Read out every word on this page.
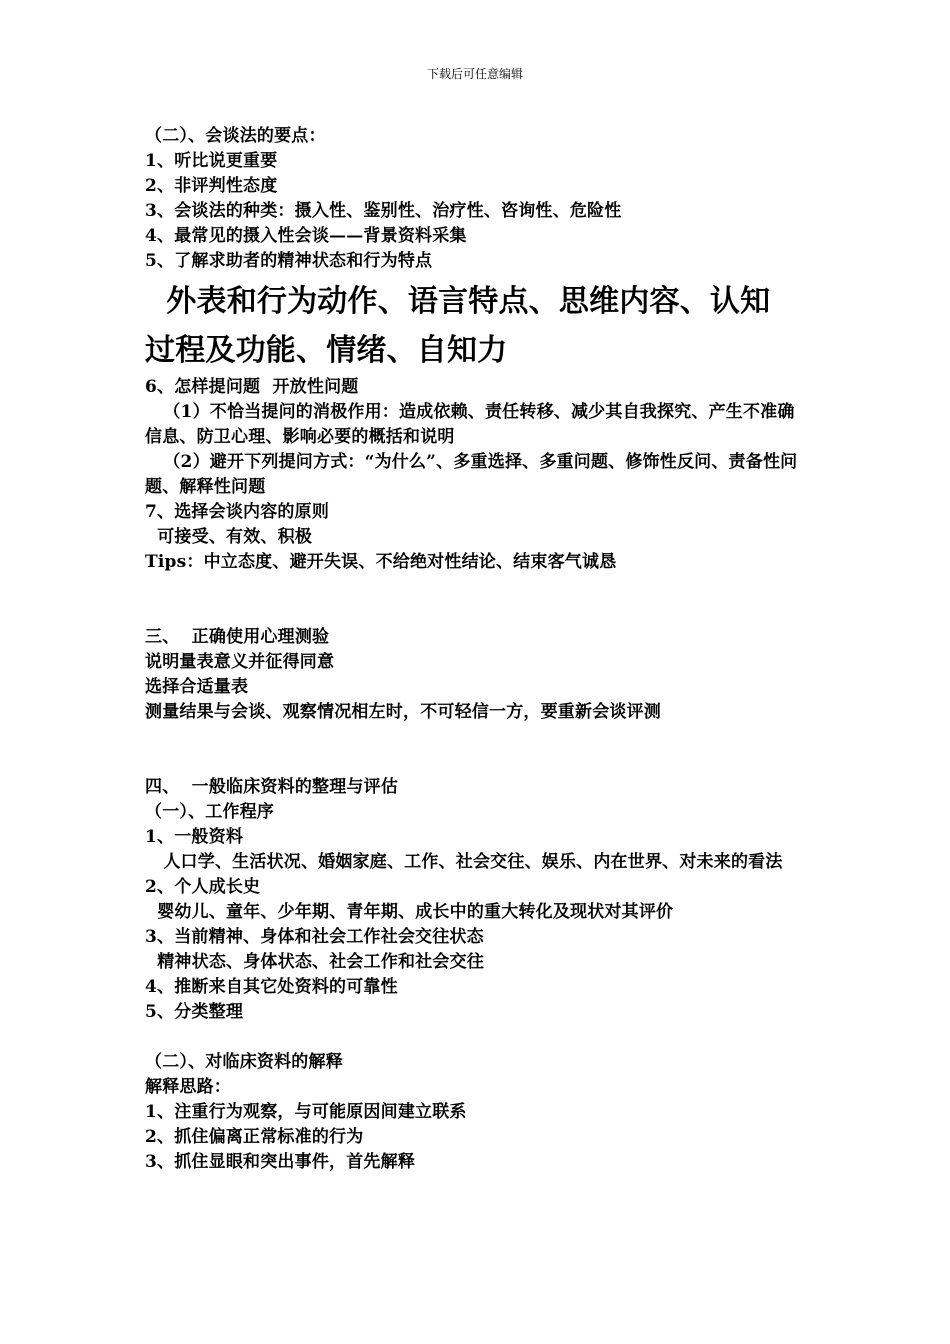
下载后可任意编辑
（二）、会谈法的要点：
1、听比说更重要
2、非评判性态度
3、会谈法的种类：摄入性、鉴别性、治疗性、咨询性、危险性
4、最常见的摄入性会谈——背景资料采集
5、了解求助者的精神状态和行为特点
外表和行为动作、语言特点、思维内容、认知
过程及功能、情绪、自知力
6、怎样提问题  开放性问题
（1）不恰当提问的消极作用：造成依赖、责任转移、减少其自我探究、产生不准确信息、防卫心理、影响必要的概括和说明
（2）避开下列提问方式：“为什么”、多重选择、多重问题、修饰性反问、责备性问题、解释性问题
7、选择会谈内容的原则
可接受、有效、积极
Tips：中立态度、避开失误、不给绝对性结论、结束客气诚恳
三、  正确使用心理测验
说明量表意义并征得同意
选择合适量表
测量结果与会谈、观察情况相左时，不可轻信一方，要重新会谈评测
四、  一般临床资料的整理与评估
（一）、工作程序
1、一般资料
人口学、生活状况、婚姻家庭、工作、社会交往、娱乐、内在世界、对未来的看法
2、个人成长史
婴幼儿、童年、少年期、青年期、成长中的重大转化及现状对其评价
3、当前精神、身体和社会工作社会交往状态
精神状态、身体状态、社会工作和社会交往
4、推断来自其它处资料的可靠性
5、分类整理
（二）、对临床资料的解释
解释思路：
1、注重行为观察，与可能原因间建立联系
2、抓住偏离正常标准的行为
3、抓住显眼和突出事件，首先解释
